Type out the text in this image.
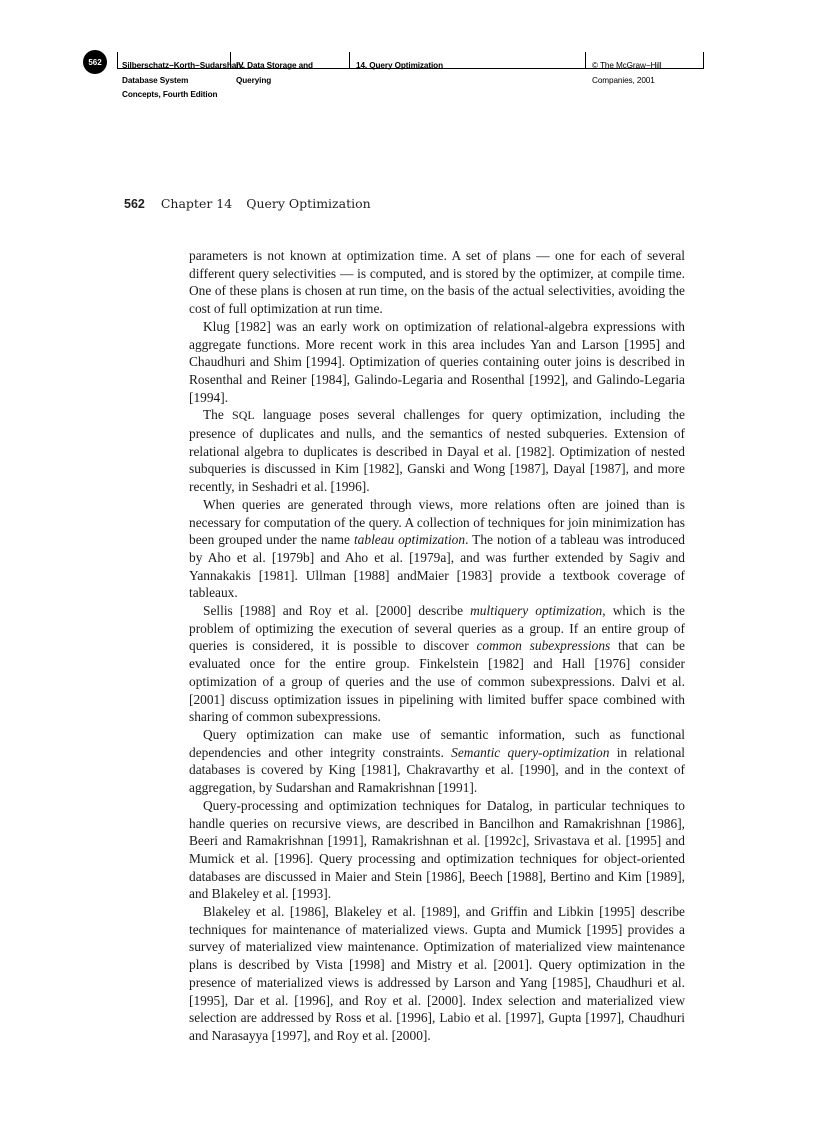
562	Silberschatz−Korth−Sudarshan:
Database System
Concepts, Fourth Edition
IV. Data Storage and
Querying
14. Query Optimization	© The McGraw−Hill
Companies, 2001
562 Chapter 14 Query Optimization

parameters is not known at optimization time. A set of plans — one for each of several different query selectivities — is computed, and is stored by the optimizer, at compile time. One of these plans is chosen at run time, on the basis of the actual selectivities, avoiding the cost of full optimization at run time.

Klug [1982] was an early work on optimization of relational-algebra expressions with aggregate functions. More recent work in this area includes Yan and Larson [1995] and Chaudhuri and Shim [1994]. Optimization of queries containing outer joins is described in Rosenthal and Reiner [1984], Galindo-Legaria and Rosenthal [1992], and Galindo-Legaria [1994].

The SQL language poses several challenges for query optimization, including the presence of duplicates and nulls, and the semantics of nested subqueries. Extension of relational algebra to duplicates is described in Dayal et al. [1982]. Optimization of nested subqueries is discussed in Kim [1982], Ganski and Wong [1987], Dayal [1987], and more recently, in Seshadri et al. [1996].

When queries are generated through views, more relations often are joined than is necessary for computation of the query. A collection of techniques for join minimization has been grouped under the name tableau optimization. The notion of a tableau was introduced by Aho et al. [1979b] and Aho et al. [1979a], and was further extended by Sagiv and Yannakakis [1981]. Ullman [1988] andMaier [1983] provide a textbook coverage of tableaux.

Sellis [1988] and Roy et al. [2000] describe multiquery optimization, which is the problem of optimizing the execution of several queries as a group. If an entire group of queries is considered, it is possible to discover common subexpressions that can be evaluated once for the entire group. Finkelstein [1982] and Hall [1976] consider optimization of a group of queries and the use of common subexpressions. Dalvi et al. [2001] discuss optimization issues in pipelining with limited buffer space combined with sharing of common subexpressions.

Query optimization can make use of semantic information, such as functional dependencies and other integrity constraints. Semantic query-optimization in relational databases is covered by King [1981], Chakravarthy et al. [1990], and in the context of aggregation, by Sudarshan and Ramakrishnan [1991].

Query-processing and optimization techniques for Datalog, in particular techniques to handle queries on recursive views, are described in Bancilhon and Ramakrishnan [1986], Beeri and Ramakrishnan [1991], Ramakrishnan et al. [1992c], Srivastava et al. [1995] and Mumick et al. [1996]. Query processing and optimization techniques for object-oriented databases are discussed in Maier and Stein [1986], Beech [1988], Bertino and Kim [1989], and Blakeley et al. [1993].

Blakeley et al. [1986], Blakeley et al. [1989], and Griffin and Libkin [1995] describe techniques for maintenance of materialized views. Gupta and Mumick [1995] provides a survey of materialized view maintenance. Optimization of materialized view maintenance plans is described by Vista [1998] and Mistry et al. [2001]. Query optimization in the presence of materialized views is addressed by Larson and Yang [1985], Chaudhuri et al. [1995], Dar et al. [1996], and Roy et al. [2000]. Index selection and materialized view selection are addressed by Ross et al. [1996], Labio et al. [1997], Gupta [1997], Chaudhuri and Narasayya [1997], and Roy et al. [2000].
